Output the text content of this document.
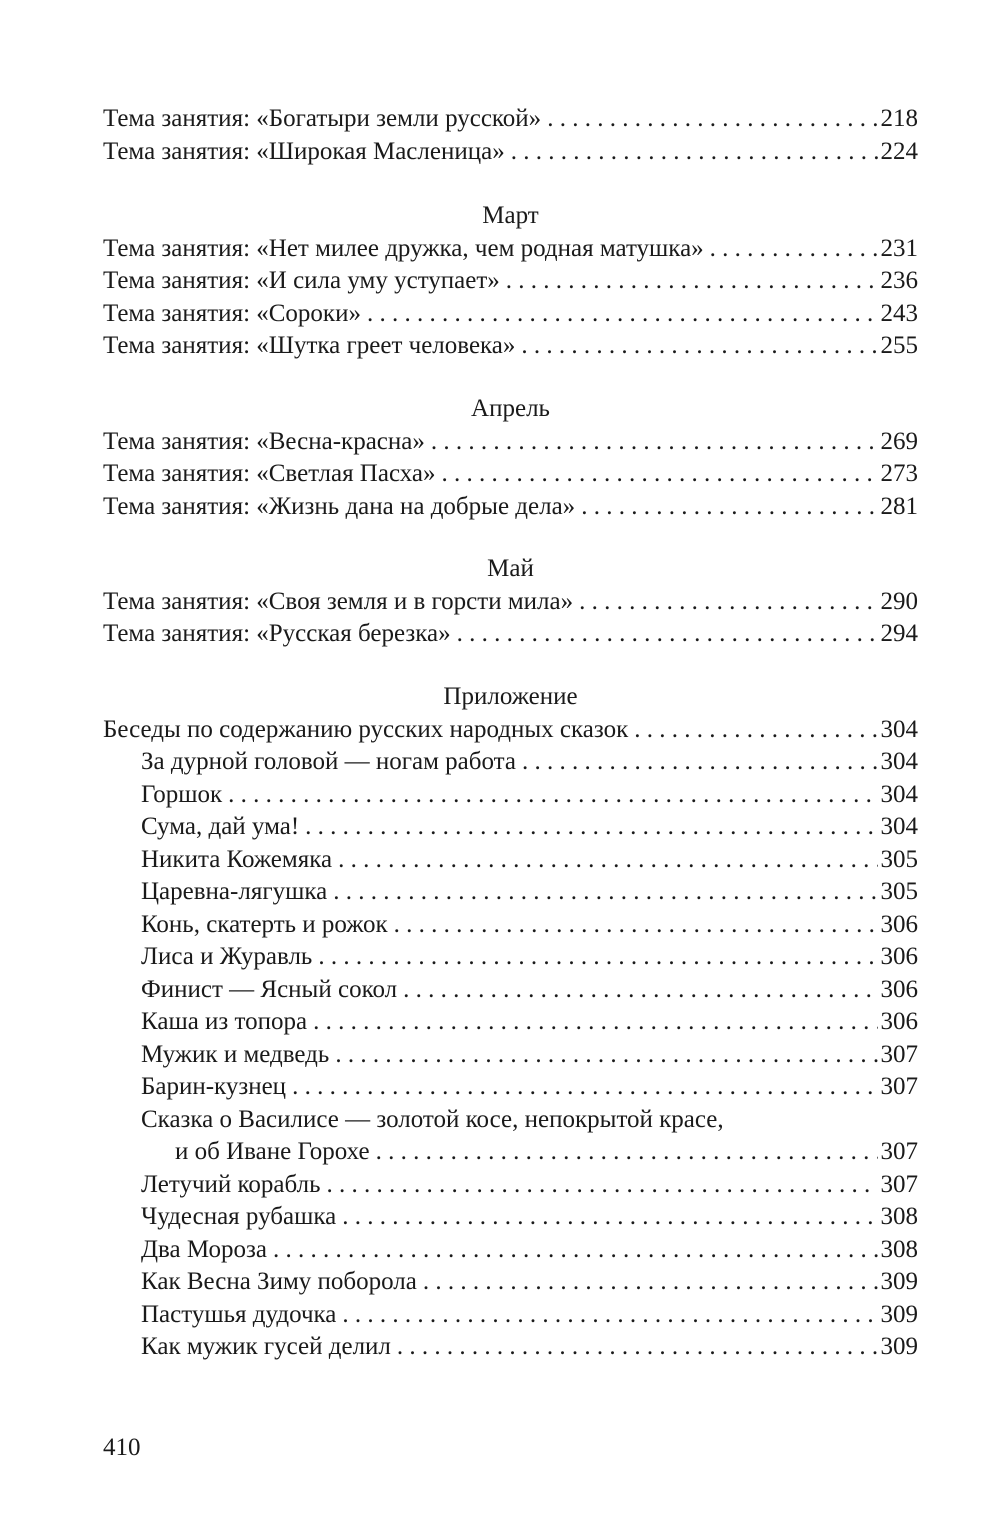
Тема занятия: «Богатыри земли русской» . . .	218
Тема занятия: «Широкая Масленица» . . .	224
Март
Тема занятия: «Нет милее дружка, чем родная матушка» . . .	231
Тема занятия: «И сила уму уступает» . . .	236
Тема занятия: «Сороки» . . .	243
Тема занятия: «Шутка греет человека» . . .	255
Апрель
Тема занятия: «Весна-красна» . . .	269
Тема занятия: «Светлая Пасха» . . .	273
Тема занятия: «Жизнь дана на добрые дела» . . .	281
Май
Тема занятия: «Своя земля и в горсти мила» . . .	290
Тема занятия: «Русская березка» . . .	294
Приложение
Беседы по содержанию русских народных сказок . . .	304
За дурной головой — ногам работа . . .	304
Горшок . . .	304
Сума, дай ума! . . .	304
Никита Кожемяка . . .	305
Царевна-лягушка . . .	305
Конь, скатерть и рожок . . .	306
Лиса и Журавль . . .	306
Финист — Ясный сокол . . .	306
Каша из топора . . .	306
Мужик и медведь . . .	307
Барин-кузнец . . .	307
Сказка о Василисе — золотой косе, непокрытой красе,
и об Иване Горохе . . .	307
Летучий корабль . . .	307
Чудесная рубашка . . .	308
Два Мороза . . .	308
Как Весна Зиму поборола . . .	309
Пастушья дудочка . . .	309
Как мужик гусей делил . . .	309
410
